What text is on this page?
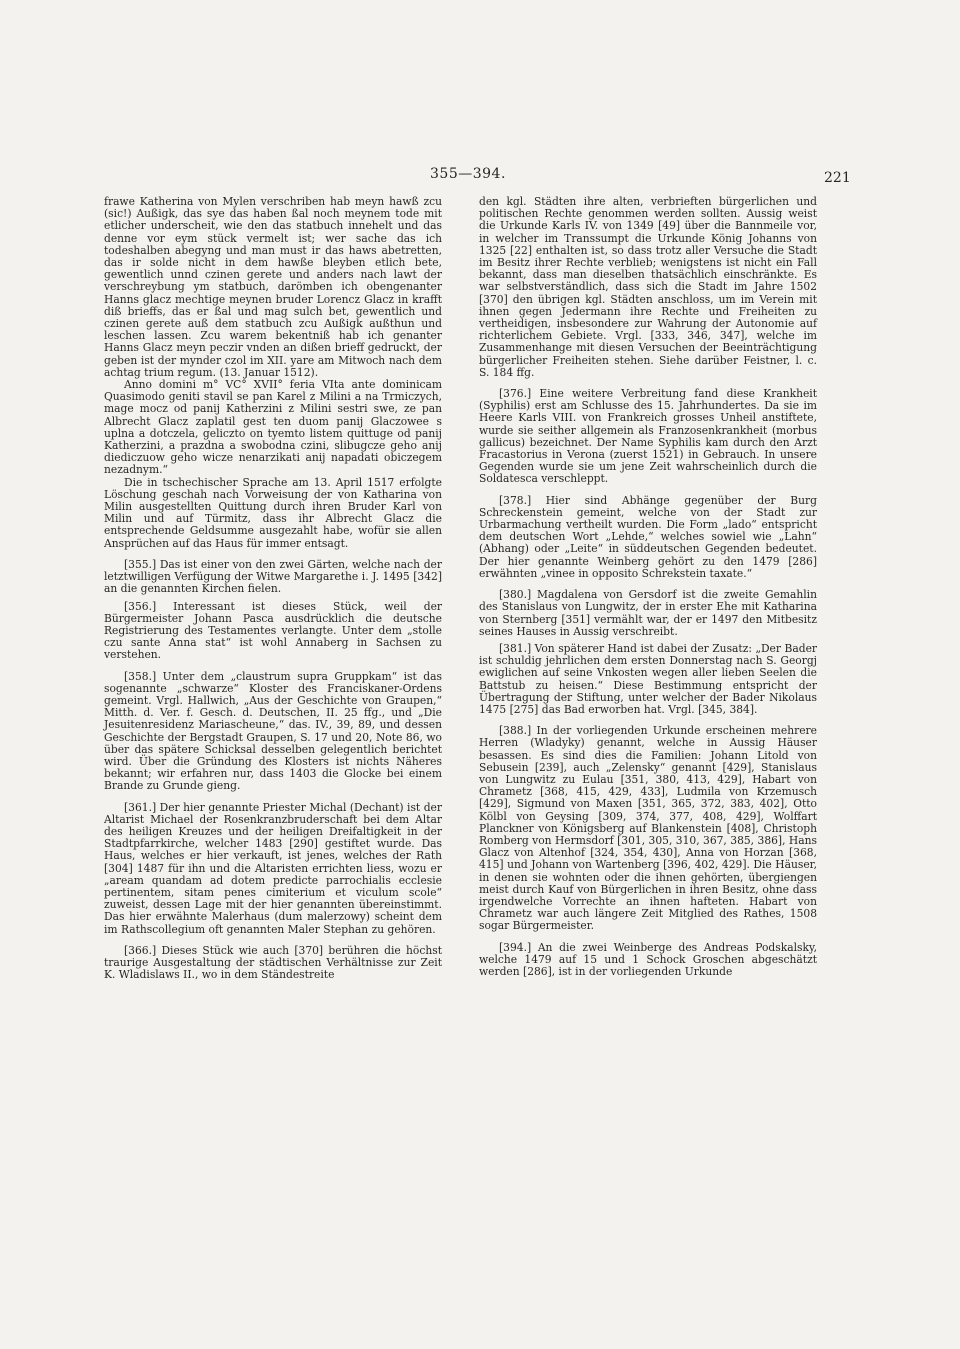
355—394.	221

frawe Katherina von Mylen verschriben hab meyn hawß zcu (sic!) Außigk, das sye das haben ßal noch meynem tode mit etlicher underscheit, wie den das statbuch innehelt und das denne vor eym stück vermelt ist; wer sache das ich todeshalben abegyng und man must ir das haws abetretten, das ir solde nicht in dem hawße bleyben etlich bete, gewentlich unnd czinen gerete und anders nach lawt der verschreybung ym statbuch, darömben ich obengenanter Hanns glacz mechtige meynen bruder Lorencz Glacz in krafft diß brieffs, das er ßal und mag sulch bet, gewentlich und czinen gerete auß dem statbuch zcu Außigk außthun und leschen lassen. Zcu warem bekentniß hab ich genanter Hanns Glacz meyn peczir vnden an dißen brieff gedruckt, der geben ist der mynder czol im XII. yare am Mitwoch nach dem achtag trium regum. (13. Januar 1512).

Anno domini m° VC° XVII° feria VIta ante dominicam Quasimodo geniti stavil se pan Karel z Milini a na Trmiczych, mage mocz od panij Katherzini z Milini sestri swe, ze pan Albrecht Glacz zaplatil gest ten duom panij Glaczowee s uplna a dotczela, geliczto on tyemto listem quittuge od panij Katherzini, a prazdna a swobodna czini, slibugcze geho anij diediczuow geho wicze nenarzikati anij napadati obiczegem nezadnym.“

Die in tschechischer Sprache am 13. April 1517 erfolgte Löschung geschah nach Vorweisung der von Katharina von Milin ausgestellten Quittung durch ihren Bruder Karl von Milin und auf Türmitz, dass ihr Albrecht Glacz die entsprechende Geldsumme ausgezahlt habe, wofür sie allen Ansprüchen auf das Haus für immer entsagt.

[355.] Das ist einer von den zwei Gärten, welche nach der letztwilligen Verfügung der Witwe Margarethe i. J. 1495 [342] an die genannten Kirchen fielen.

[356.] Interessant ist dieses Stück, weil der Bürgermeister Johann Pasca ausdrücklich die deutsche Registrierung des Testamentes verlangte. Unter dem „stolle czu sante Anna stat“ ist wohl Annaberg in Sachsen zu verstehen.

[358.] Unter dem „claustrum supra Gruppkam“ ist das sogenannte „schwarze“ Kloster des Franciskaner-Ordens gemeint. Vrgl. Hallwich, „Aus der Geschichte von Graupen,“ Mitth. d. Ver. f. Gesch. d. Deutschen, II. 25 ffg., und „Die Jesuitenresidenz Mariascheune,“ das. IV., 39, 89, und dessen Geschichte der Bergstadt Graupen, S. 17 und 20, Note 86, wo über das spätere Schicksal desselben gelegentlich berichtet wird. Über die Gründung des Klosters ist nichts Näheres bekannt; wir erfahren nur, dass 1403 die Glocke bei einem Brande zu Grunde gieng.

[361.] Der hier genannte Priester Michal (Dechant) ist der Altarist Michael der Rosenkranzbruderschaft bei dem Altar des heiligen Kreuzes und der heiligen Dreifaltigkeit in der Stadtpfarrkirche, welcher 1483 [290] gestiftet wurde. Das Haus, welches er hier verkauft, ist jenes, welches der Rath [304] 1487 für ihn und die Altaristen errichten liess, wozu er „aream quandam ad dotem predicte parrochialis ecclesie pertinentem, sitam penes cimiterium et viculum scole“ zuweist, dessen Lage mit der hier genannten übereinstimmt. Das hier erwähnte Malerhaus (dum malerzowy) scheint dem im Rathscollegium oft genannten Maler Stephan zu gehören.

[366.] Dieses Stück wie auch [370] berühren die höchst traurige Ausgestaltung der städtischen Verhältnisse zur Zeit K. Wladislaws II., wo in dem Ständestreite

den kgl. Städten ihre alten, verbrieften bürgerlichen und politischen Rechte genommen werden sollten. Aussig weist die Urkunde Karls IV. von 1349 [49] über die Bannmeile vor, in welcher im Transsumpt die Urkunde König Johanns von 1325 [22] enthalten ist, so dass trotz aller Versuche die Stadt im Besitz ihrer Rechte verblieb; wenigstens ist nicht ein Fall bekannt, dass man dieselben thatsächlich einschränkte. Es war selbstverständlich, dass sich die Stadt im Jahre 1502 [370] den übrigen kgl. Städten anschloss, um im Verein mit ihnen gegen Jedermann ihre Rechte und Freiheiten zu vertheidigen, insbesondere zur Wahrung der Autonomie auf richterlichem Gebiete. Vrgl. [333, 346, 347], welche im Zusammenhange mit diesen Versuchen der Beeinträchtigung bürgerlicher Freiheiten stehen. Siehe darüber Feistner, l. c. S. 184 ffg.

[376.] Eine weitere Verbreitung fand diese Krankheit (Syphilis) erst am Schlusse des 15. Jahrhundertes. Da sie im Heere Karls VIII. von Frankreich grosses Unheil anstiftete, wurde sie seither allgemein als Franzosenkrankheit (morbus gallicus) bezeichnet. Der Name Syphilis kam durch den Arzt Fracastorius in Verona (zuerst 1521) in Gebrauch. In unsere Gegenden wurde sie um jene Zeit wahrscheinlich durch die Soldatesca verschleppt.

[378.] Hier sind Abhänge gegenüber der Burg Schreckenstein gemeint, welche von der Stadt zur Urbarmachung vertheilt wurden. Die Form „lado“ entspricht dem deutschen Wort „Lehde,“ welches sowiel wie „Lahn“ (Abhang) oder „Leite“ in süddeutschen Gegenden bedeutet. Der hier genannte Weinberg gehört zu den 1479 [286] erwähnten „vinee in opposito Schrekstein taxate.“

[380.] Magdalena von Gersdorf ist die zweite Gemahlin des Stanislaus von Lungwitz, der in erster Ehe mit Katharina von Sternberg [351] vermählt war, der er 1497 den Mitbesitz seines Hauses in Aussig verschreibt.

[381.] Von späterer Hand ist dabei der Zusatz: „Der Bader ist schuldig jehrlichen dem ersten Donnerstag nach S. Georgj ewiglichen auf seine Vnkosten wegen aller lieben Seelen die Battstub zu heisen.“ Diese Bestimmung entspricht der Übertragung der Stiftung, unter welcher der Bader Nikolaus 1475 [275] das Bad erworben hat. Vrgl. [345, 384].

[388.] In der vorliegenden Urkunde erscheinen mehrere Herren (Wladyky) genannt, welche in Aussig Häuser besassen. Es sind dies die Familien: Johann Litold von Sebusein [239], auch „Zelensky“ genannt [429], Stanislaus von Lungwitz zu Eulau [351, 380, 413, 429], Habart von Chrametz [368, 415, 429, 433], Ludmila von Krzemusch [429], Sigmund von Maxen [351, 365, 372, 383, 402], Otto Kölbl von Geysing [309, 374, 377, 408, 429], Wolffart Planckner von Königsberg auf Blankenstein [408], Christoph Romberg von Hermsdorf [301, 305, 310, 367, 385, 386], Hans Glacz von Altenhof [324, 354, 430], Anna von Horzan [368, 415] und Johann von Wartenberg [396, 402, 429]. Die Häuser, in denen sie wohnten oder die ihnen gehörten, übergiengen meist durch Kauf von Bürgerlichen in ihren Besitz, ohne dass irgendwelche Vorrechte an ihnen hafteten. Habart von Chrametz war auch längere Zeit Mitglied des Rathes, 1508 sogar Bürgermeister.

[394.] An die zwei Weinberge des Andreas Podskalsky, welche 1479 auf 15 und 1 Schock Groschen abgeschätzt werden [286], ist in der vorliegenden Urkunde
